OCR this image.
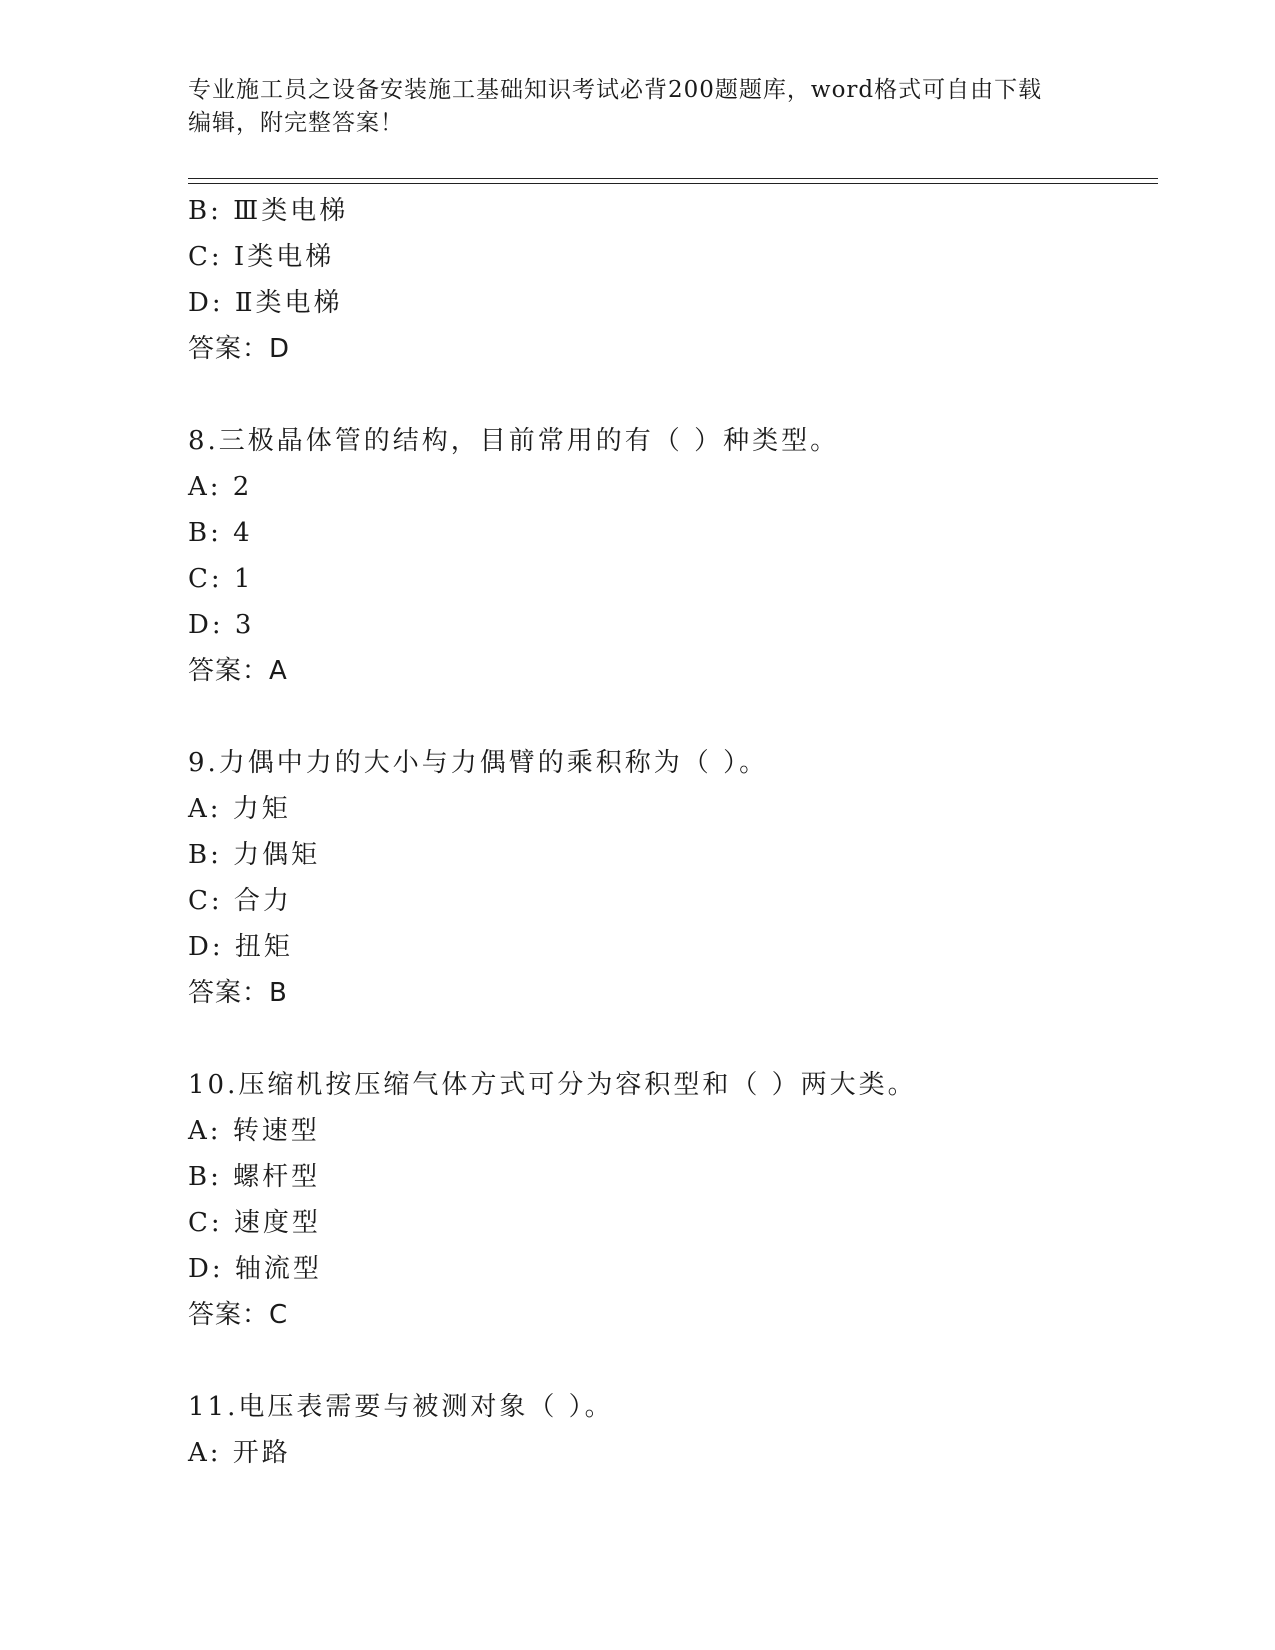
专业施工员之设备安装施工基础知识考试必背200题题库，word格式可自由下载
编辑，附完整答案！
B: Ⅲ类电梯
C: Ⅰ类电梯
D: Ⅱ类电梯
答案：D
8.三极晶体管的结构，目前常用的有（ ）种类型。
A: 2
B: 4
C: 1
D: 3
答案：A
9.力偶中力的大小与力偶臂的乘积称为（ ）。
A: 力矩
B: 力偶矩
C: 合力
D: 扭矩
答案：B
10.压缩机按压缩气体方式可分为容积型和（ ）两大类。
A: 转速型
B: 螺杆型
C: 速度型
D: 轴流型
答案：C
11.电压表需要与被测对象（ ）。
A: 开路
